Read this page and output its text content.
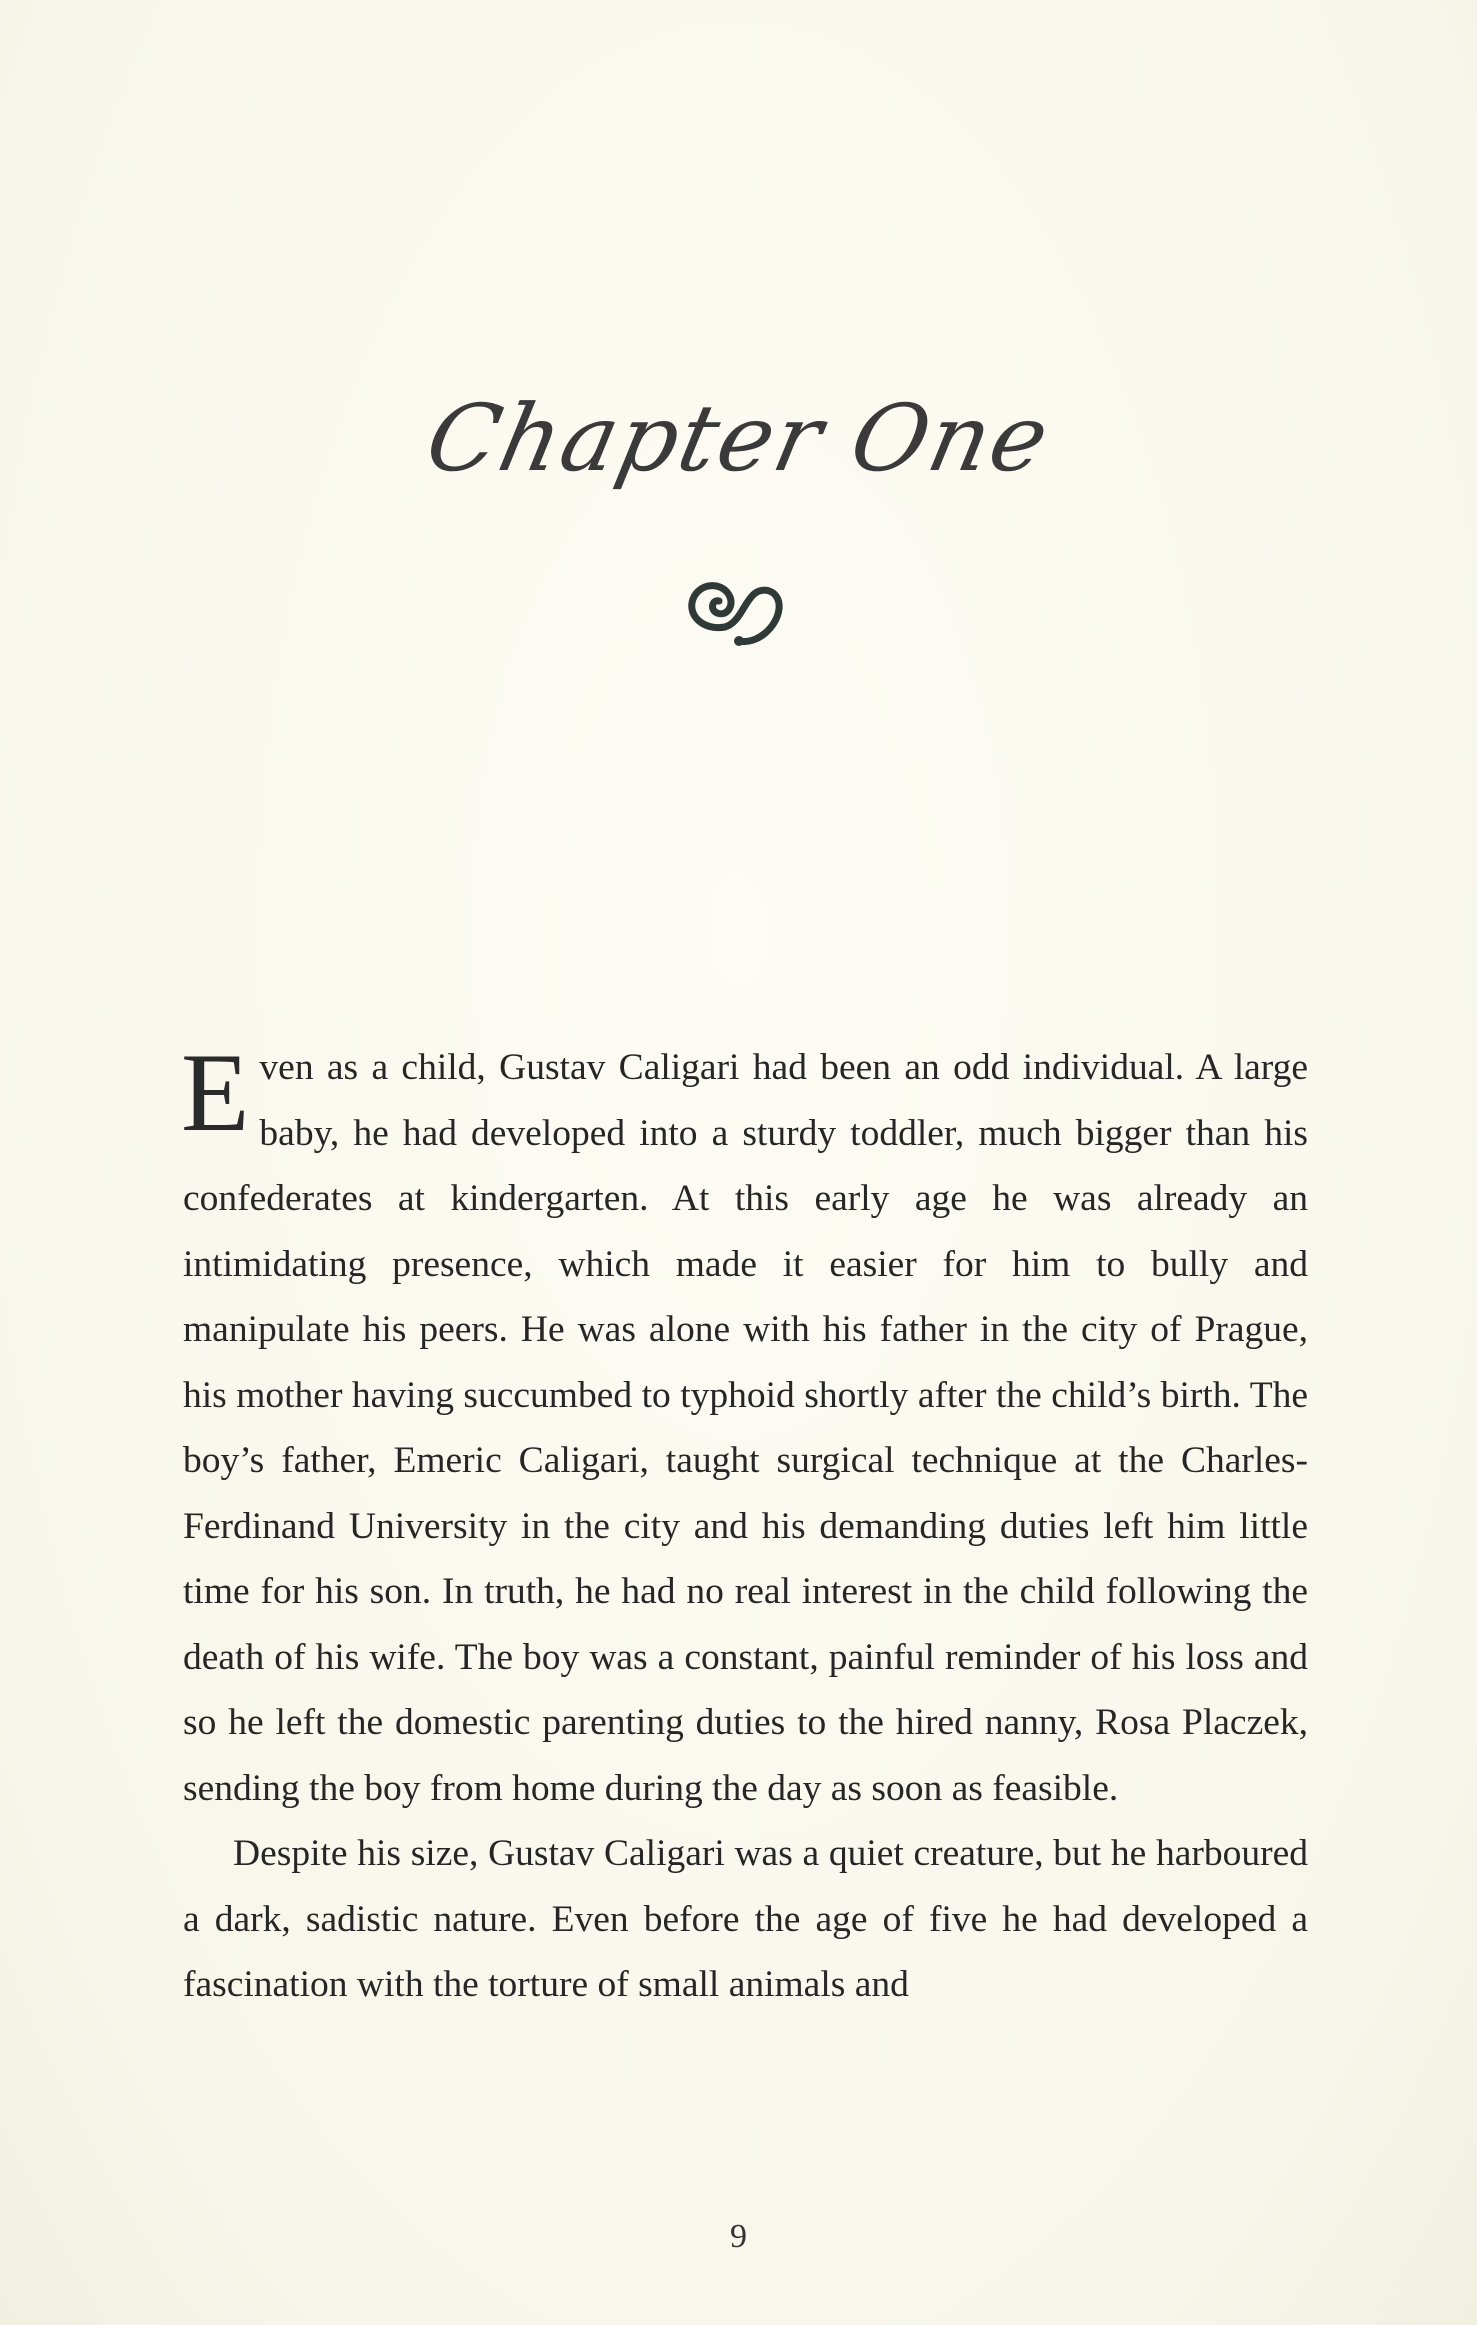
Chapter One

Even as a child, Gustav Caligari had been an odd individual. A large baby, he had developed into a sturdy toddler, much bigger than his confederates at kindergarten. At this early age he was already an intimidating presence, which made it easier for him to bully and manipulate his peers. He was alone with his father in the city of Prague, his mother having succumbed to typhoid shortly after the child’s birth. The boy’s father, Emeric Caligari, taught surgical technique at the Charles-Ferdinand University in the city and his demanding duties left him little time for his son. In truth, he had no real interest in the child following the death of his wife. The boy was a constant, painful reminder of his loss and so he left the domestic parenting duties to the hired nanny, Rosa Placzek, sending the boy from home during the day as soon as feasible.

Despite his size, Gustav Caligari was a quiet creature, but he harboured a dark, sadistic nature. Even before the age of five he had developed a fascination with the torture of small animals and

9
